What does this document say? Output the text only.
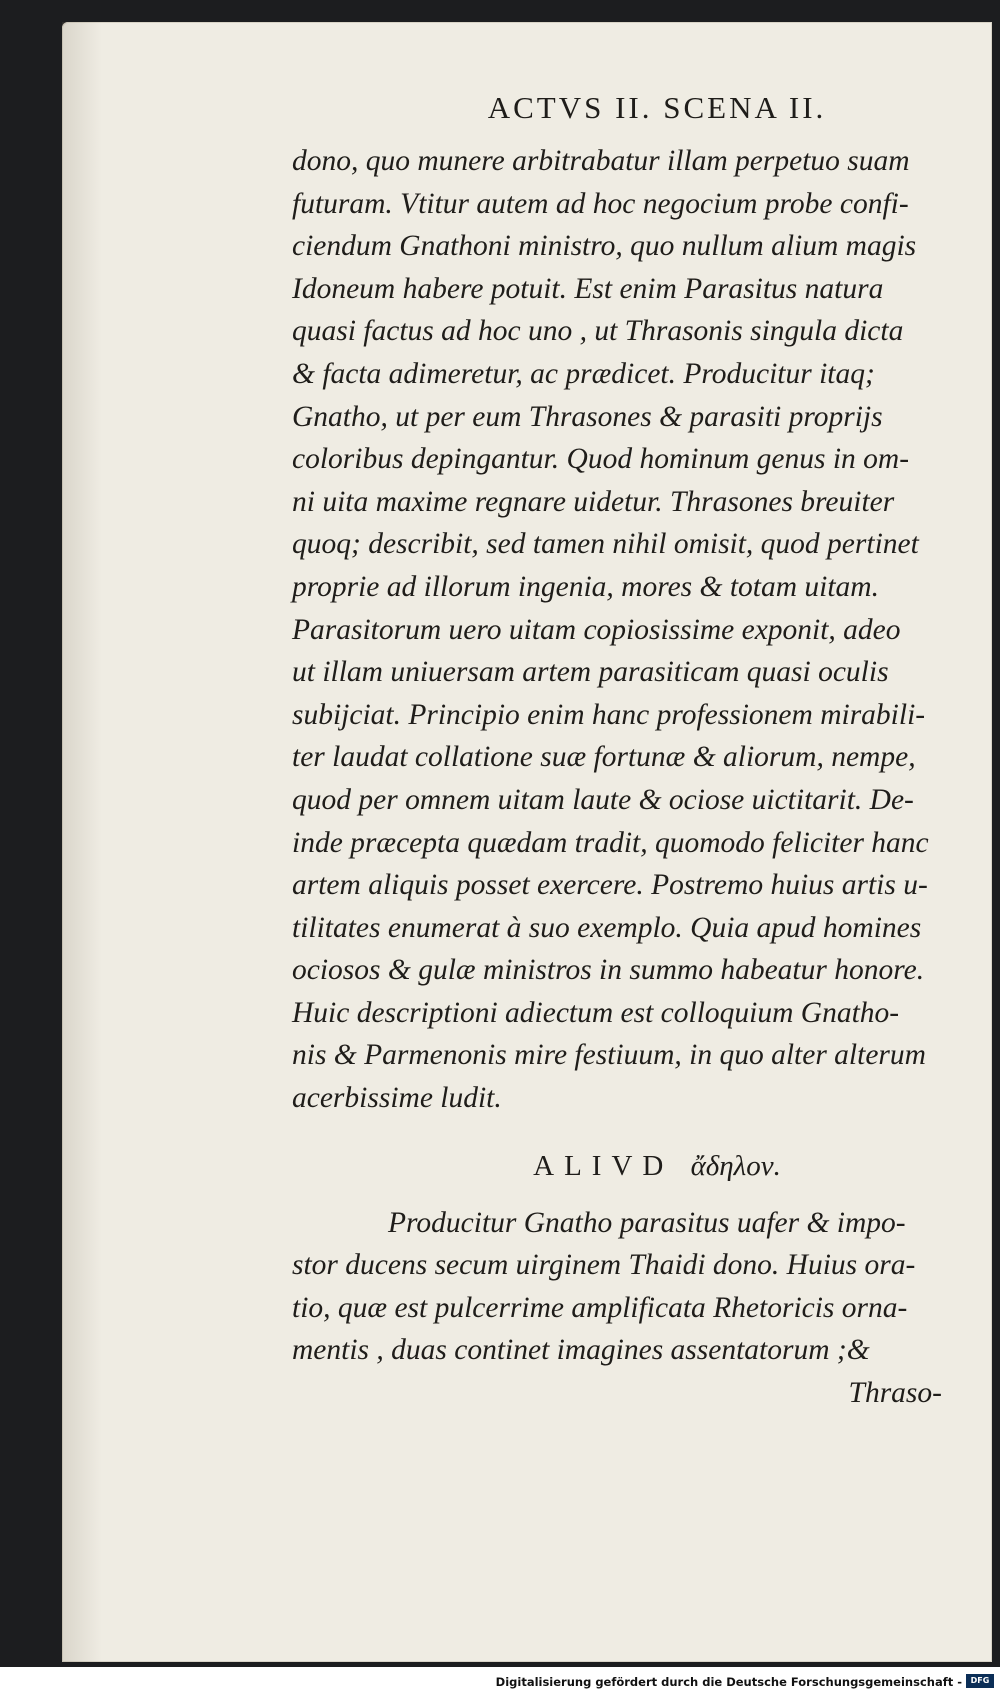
ACTVS II. SCENA II.
dono, quo munere arbitrabatur illam perpetuo suam
futuram. Vtitur autem ad hoc negocium probe confi-
ciendum Gnathoni ministro, quo nullum alium magis
Idoneum habere potuit. Est enim Parasitus natura
quasi factus ad hoc uno , ut Thrasonis singula dicta
& facta adimeretur, ac prædicet. Producitur itaq;
Gnatho, ut per eum Thrasones & parasiti proprijs
coloribus depingantur. Quod hominum genus in om-
ni uita maxime regnare uidetur. Thrasones breuiter
quoq; describit, sed tamen nihil omisit, quod pertinet
proprie ad illorum ingenia, mores & totam uitam.
Parasitorum uero uitam copiosissime exponit, adeo
ut illam uniuersam artem parasiticam quasi oculis
subijciat. Principio enim hanc professionem mirabili-
ter laudat collatione suæ fortunæ & aliorum, nempe,
quod per omnem uitam laute & ociose uictitarit. De-
inde præcepta quædam tradit, quomodo feliciter hanc
artem aliquis posset exercere. Postremo huius artis u-
tilitates enumerat à suo exemplo. Quia apud homines
ociosos & gulæ ministros in summo habeatur honore.
Huic descriptioni adiectum est colloquium Gnatho-
nis & Parmenonis mire festiuum, in quo alter alterum
acerbissime ludit.
ALIVD ἄδηλον.
Producitur Gnatho parasitus uafer & impo-
stor ducens secum uirginem Thaidi dono. Huius ora-
tio, quæ est pulcerrime amplificata Rhetoricis orna-
mentis , duas continet imagines assentatorum ;&
Thraso-
Digitalisierung gefördert durch die Deutsche Forschungsgemeinschaft -	DFG
